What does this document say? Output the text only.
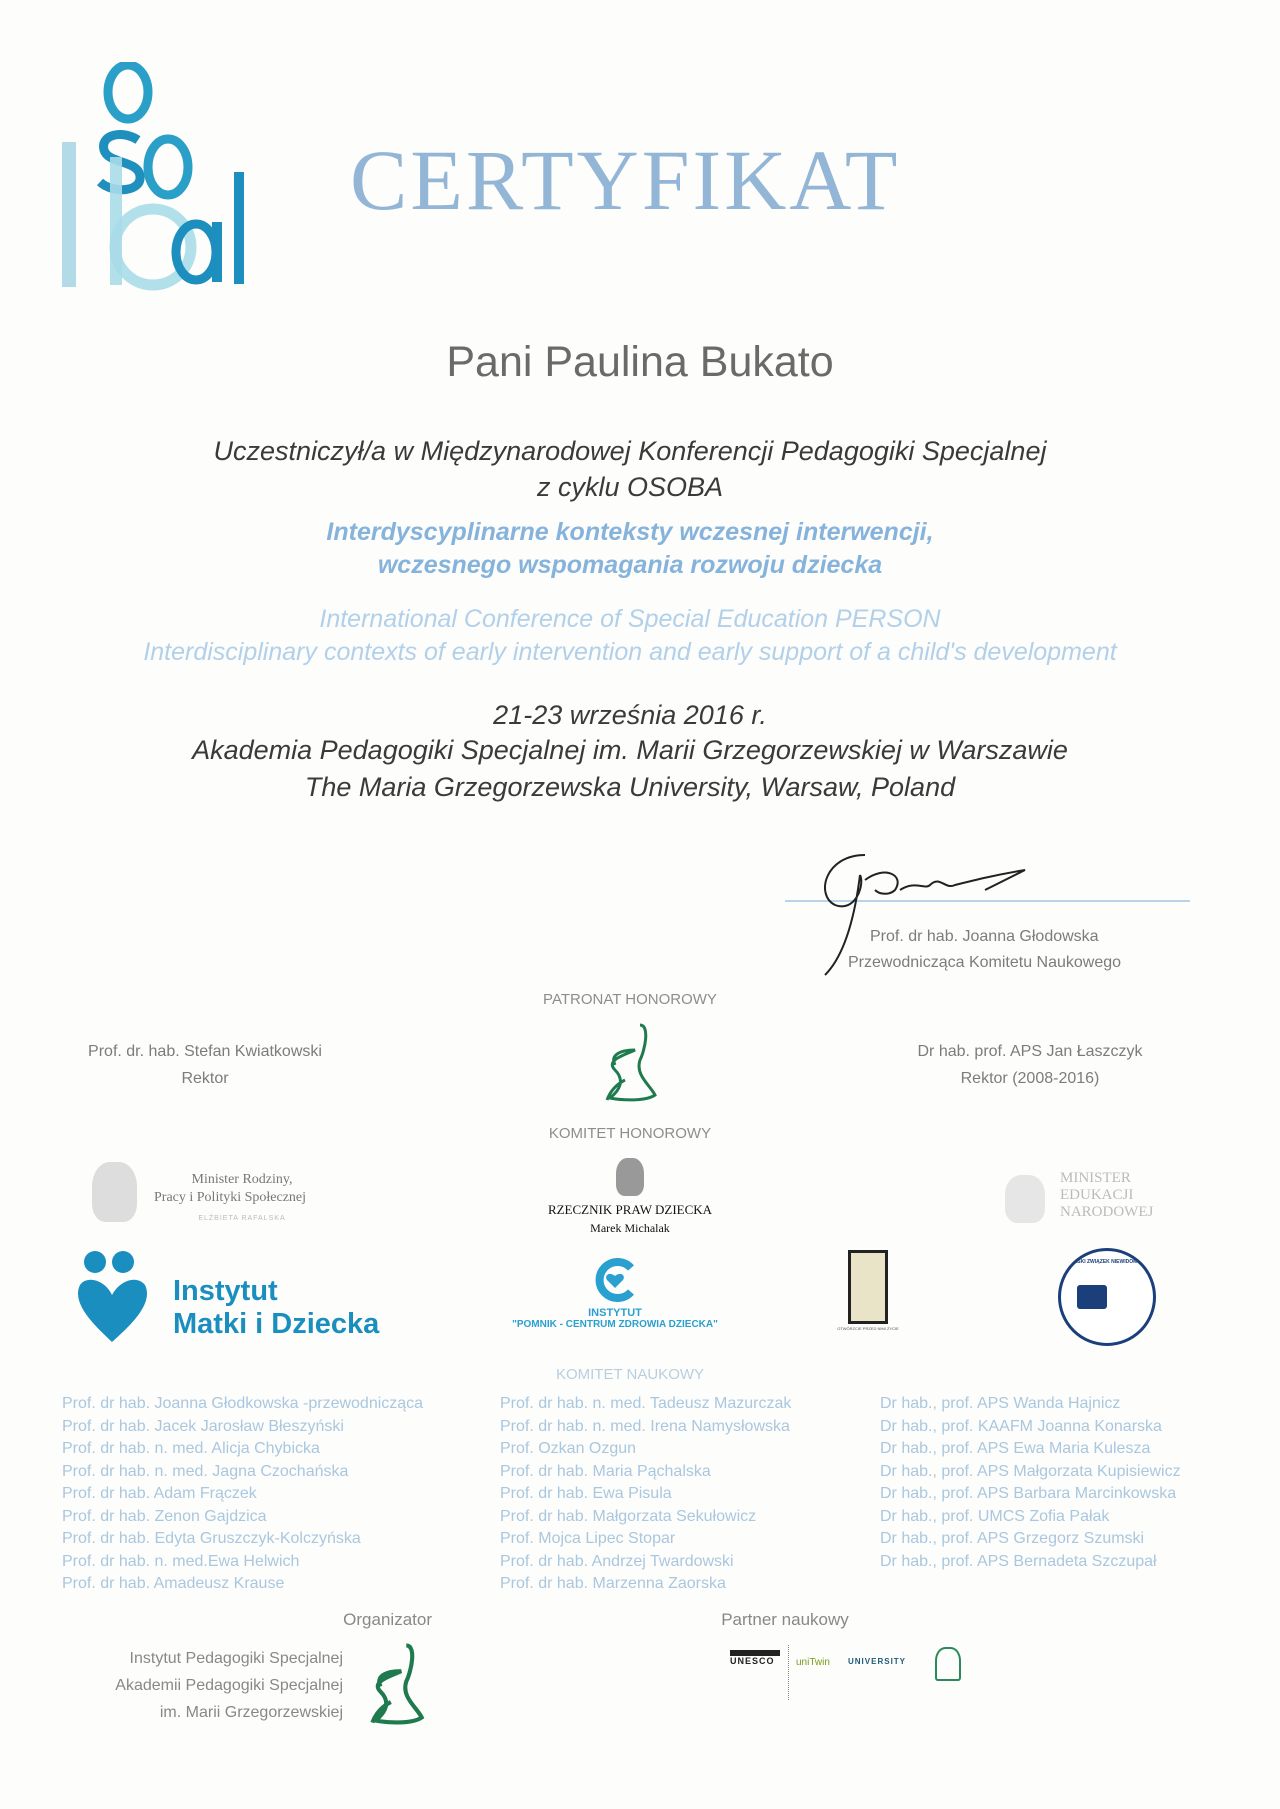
CERTYFIKAT
Pani Paulina Bukato
Uczestniczył/a w Międzynarodowej Konferencji Pedagogiki Specjalnej
z cyklu OSOBA
Interdyscyplinarne konteksty wczesnej interwencji,
wczesnego wspomagania rozwoju dziecka
International Conference of Special Education PERSON
Interdisciplinary contexts of early intervention and early support of a child's development
21-23 września 2016 r.
Akademia Pedagogiki Specjalnej im. Marii Grzegorzewskiej w Warszawie
The Maria Grzegorzewska University, Warsaw, Poland
Prof. dr hab. Joanna Głodowska
Przewodnicząca Komitetu Naukowego
PATRONAT HONOROWY
Prof. dr. hab. Stefan Kwiatkowski
Rektor
Dr hab. prof. APS Jan Łaszczyk
Rektor (2008-2016)
KOMITET HONOROWY
Minister Rodziny,
Pracy i Polityki Społecznej
ELŻBIETA RAFALSKA
RZECZNIK PRAW DZIECKA
Marek Michalak
MINISTER
EDUKACJI
NARODOWEJ
Instytut
Matki i Dziecka	INSTYTUT
"POMNIK - CENTRUM ZDROWIA DZIECKA"	OTWÓRZCIE PRZED NIMI ŻYCIE
POLSKI ZWIĄZEK NIEWIDOMYCH
KOMITET NAUKOWY
Prof. dr hab. Joanna Głodkowska -przewodnicząca
Prof. dr hab. Jacek Jarosław Błeszyński
Prof. dr hab. n. med. Alicja Chybicka
Prof. dr hab. n. med. Jagna Czochańska
Prof. dr hab. Adam Frączek
Prof. dr hab. Zenon Gajdzica
Prof. dr hab. Edyta Gruszczyk-Kolczyńska
Prof. dr hab. n. med.Ewa Helwich
Prof. dr hab. Amadeusz Krause
Prof. dr hab. n. med. Tadeusz Mazurczak
Prof. dr hab. n. med. Irena Namysłowska
Prof. Ozkan Ozgun
Prof. dr hab. Maria Pąchalska
Prof. dr hab. Ewa Pisula
Prof. dr hab. Małgorzata Sekułowicz
Prof. Mojca Lipec Stopar
Prof. dr hab. Andrzej Twardowski
Prof. dr hab. Marzenna Zaorska
Dr hab., prof. APS Wanda Hajnicz
Dr hab., prof. KAAFM Joanna Konarska
Dr hab., prof. APS Ewa Maria Kulesza
Dr hab., prof. APS Małgorzata Kupisiewicz
Dr hab., prof. APS Barbara Marcinkowska
Dr hab., prof. UMCS Zofia Pałak
Dr hab., prof. APS Grzegorz Szumski
Dr hab., prof. APS Bernadeta Szczupał
Organizator
Instytut Pedagogiki Specjalnej
Akademii Pedagogiki Specjalnej
im. Marii Grzegorzewskiej
Partner naukowy
UNESCO	uniTwin UNIVERSITY
